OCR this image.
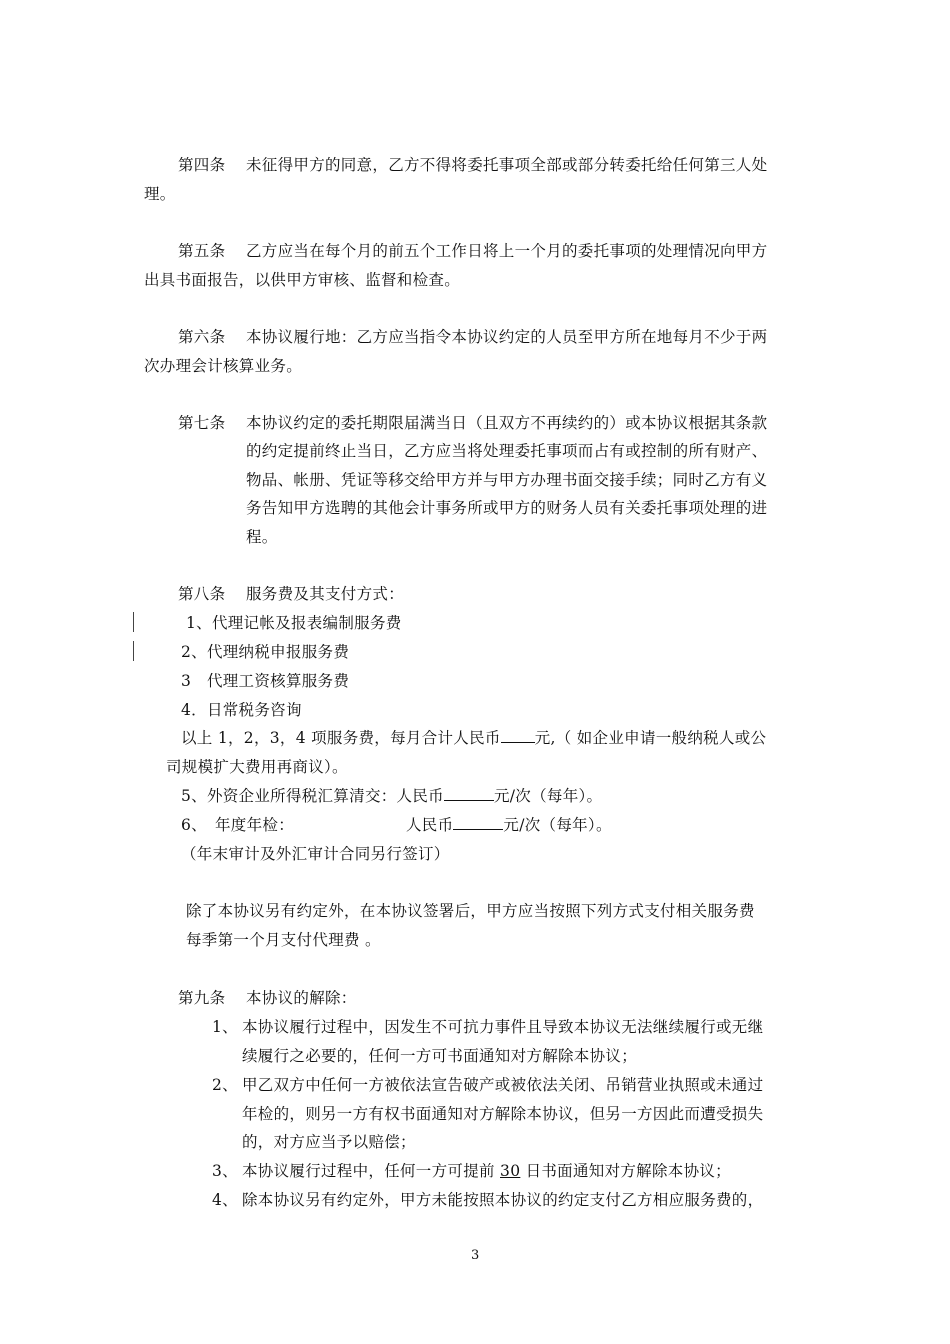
第四条 未征得甲方的同意，乙方不得将委托事项全部或部分转委托给任何第三人处
理。
第五条 乙方应当在每个月的前五个工作日将上一个月的委托事项的处理情况向甲方
出具书面报告，以供甲方审核、监督和检查。
第六条 本协议履行地：乙方应当指令本协议约定的人员至甲方所在地每月不少于两
次办理会计核算业务。
第七条 本协议约定的委托期限届满当日（且双方不再续约的）或本协议根据其条款
的约定提前终止当日，乙方应当将处理委托事项而占有或控制的所有财产、
物品、帐册、凭证等移交给甲方并与甲方办理书面交接手续；同时乙方有义
务告知甲方选聘的其他会计事务所或甲方的财务人员有关委托事项处理的进
程。
第八条 服务费及其支付方式：
1、代理记帐及报表编制服务费
2、代理纳税申报服务费
3　代理工资核算服务费
4．日常税务咨询
以上 1，2，3，4 项服务费，每月合计人民币 元,（ 如企业申请一般纳税人或公
司规模扩大费用再商议）。
5、外资企业所得税汇算清交：人民币	元/次（每年）。
6、　年度年检：	人民币	元/次（每年）。
（年末审计及外汇审计合同另行签订）
除了本协议另有约定外，在本协议签署后，甲方应当按照下列方式支付相关服务费
每季第一个月支付代理费 。
第九条 本协议的解除：
1、 本协议履行过程中，因发生不可抗力事件且导致本协议无法继续履行或无继
续履行之必要的，任何一方可书面通知对方解除本协议；
2、 甲乙双方中任何一方被依法宣告破产或被依法关闭、吊销营业执照或未通过
年检的，则另一方有权书面通知对方解除本协议，但另一方因此而遭受损失
的，对方应当予以赔偿；
3、 本协议履行过程中，任何一方可提前 30 日书面通知对方解除本协议；
4、 除本协议另有约定外，甲方未能按照本协议的约定支付乙方相应服务费的，
3
